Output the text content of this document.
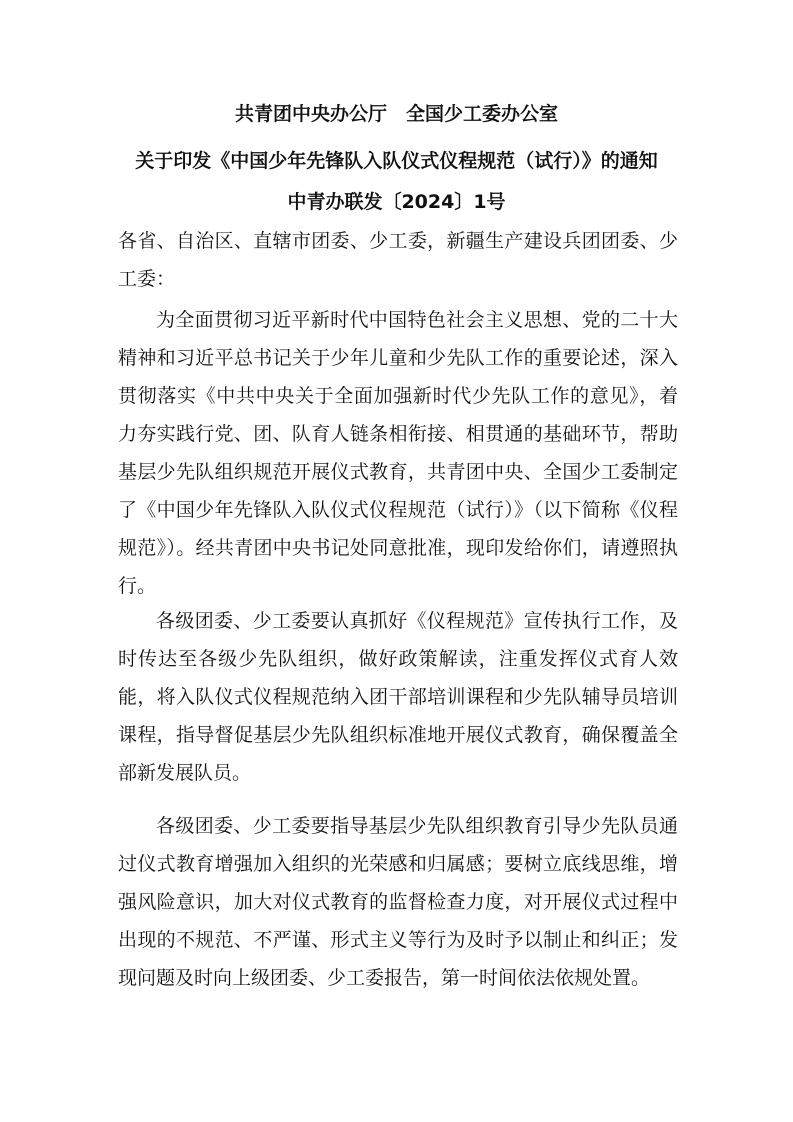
共青团中央办公厅　全国少工委办公室
关于印发《中国少年先锋队入队仪式仪程规范（试行）》的通知
中青办联发〔2024〕1号
各省、自治区、直辖市团委、少工委，新疆生产建设兵团团委、少工委：
为全面贯彻习近平新时代中国特色社会主义思想、党的二十大精神和习近平总书记关于少年儿童和少先队工作的重要论述，深入贯彻落实《中共中央关于全面加强新时代少先队工作的意见》，着力夯实践行党、团、队育人链条相衔接、相贯通的基础环节，帮助基层少先队组织规范开展仪式教育，共青团中央、全国少工委制定了《中国少年先锋队入队仪式仪程规范（试行）》（以下简称《仪程规范》）。经共青团中央书记处同意批准，现印发给你们，请遵照执行。
各级团委、少工委要认真抓好《仪程规范》宣传执行工作，及时传达至各级少先队组织，做好政策解读，注重发挥仪式育人效能，将入队仪式仪程规范纳入团干部培训课程和少先队辅导员培训课程，指导督促基层少先队组织标准地开展仪式教育，确保覆盖全部新发展队员。
各级团委、少工委要指导基层少先队组织教育引导少先队员通过仪式教育增强加入组织的光荣感和归属感；要树立底线思维，增强风险意识，加大对仪式教育的监督检查力度，对开展仪式过程中出现的不规范、不严谨、形式主义等行为及时予以制止和纠正；发现问题及时向上级团委、少工委报告，第一时间依法依规处置。
